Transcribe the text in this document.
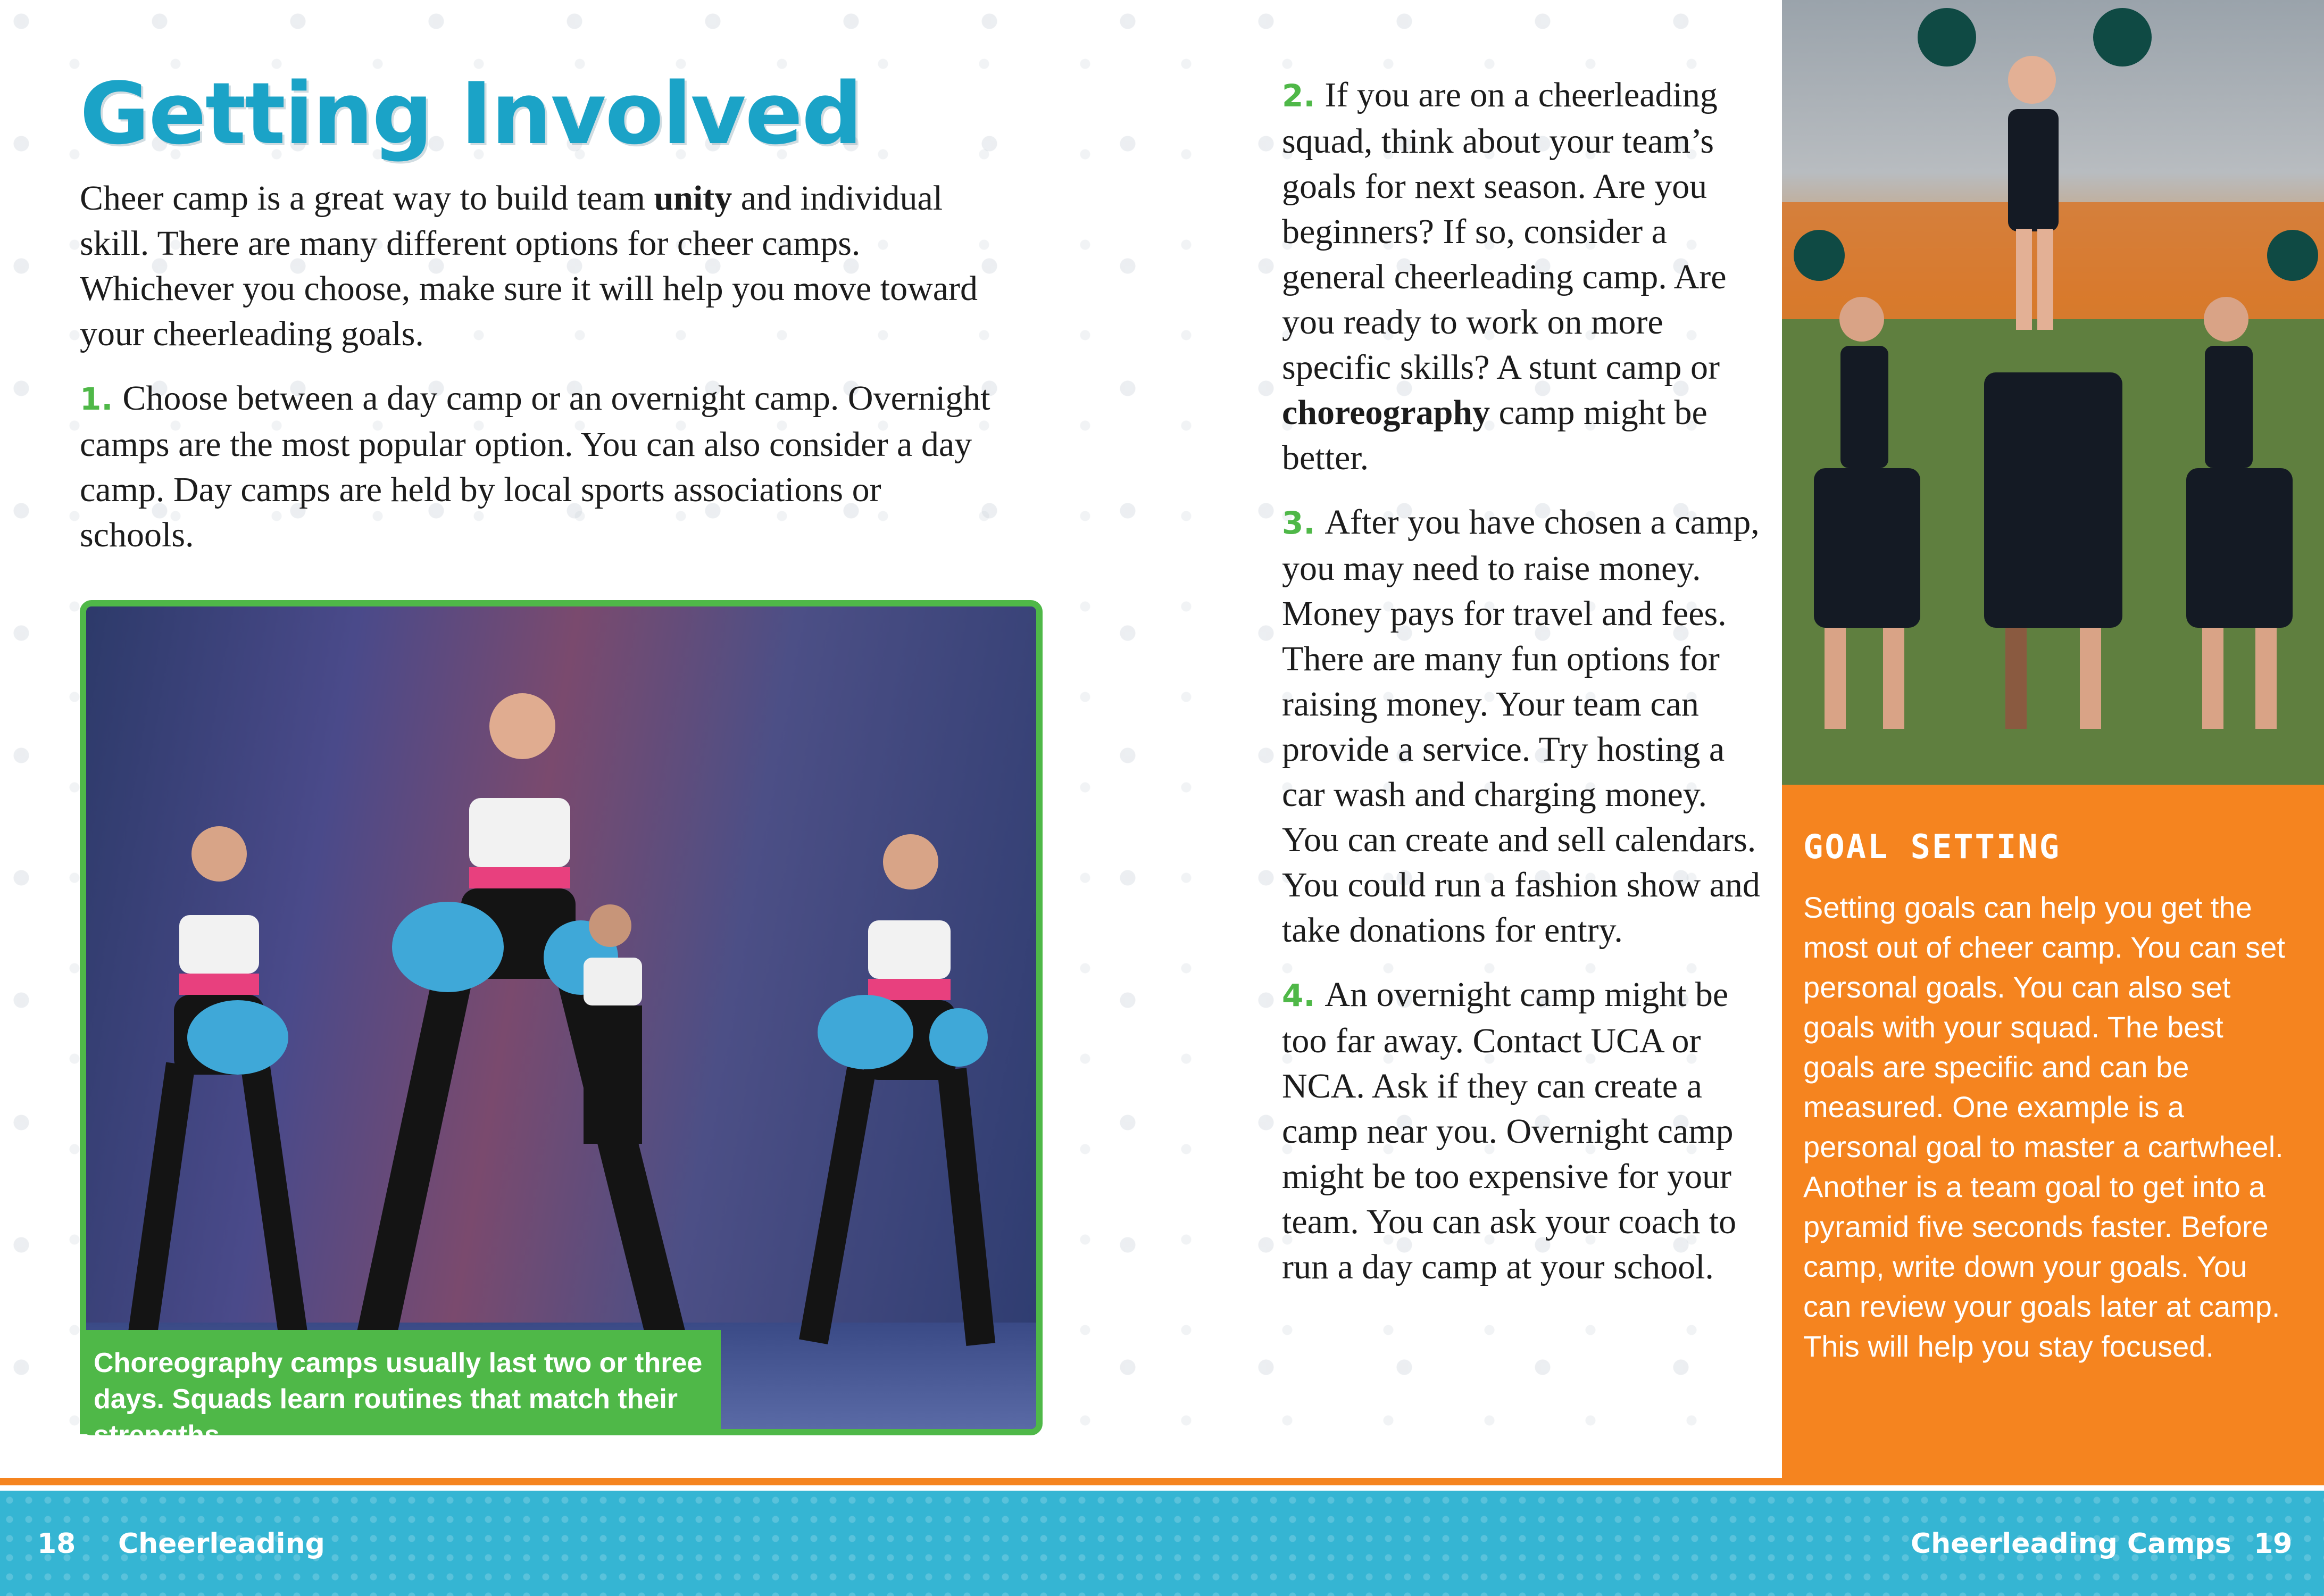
Getting Involved

Cheer camp is a great way to build team unity and individual skill. There are many different options for cheer camps. Whichever you choose, make sure it will help you move toward your cheerleading goals.

1. Choose between a day camp or an overnight camp. Overnight camps are the most popular option. You can also consider a day camp. Day camps are held by local sports associations or schools.

Choreography camps usually last two or three days. Squads learn routines that match their strengths.

2. If you are on a cheerleading squad, think about your team’s goals for next season. Are you beginners? If so, consider a general cheerleading camp. Are you ready to work on more specific skills? A stunt camp or choreography camp might be better.

3. After you have chosen a camp, you may need to raise money. Money pays for travel and fees. There are many fun options for raising money. Your team can provide a service. Try hosting a car wash and charging money. You can create and sell calendars. You could run a fashion show and take donations for entry.

4. An overnight camp might be too far away. Contact UCA or NCA. Ask if they can create a camp near you. Overnight camp might be too expensive for your team. You can ask your coach to run a day camp at your school.

GOAL SETTING

Setting goals can help you get the most out of cheer camp. You can set personal goals. You can also set goals with your squad. The best goals are specific and can be measured. One example is a personal goal to master a cartwheel. Another is a team goal to get into a pyramid five seconds faster. Before camp, write down your goals. You can review your goals later at camp. This will help you stay focused.

18 Cheerleading	Cheerleading Camps 19
